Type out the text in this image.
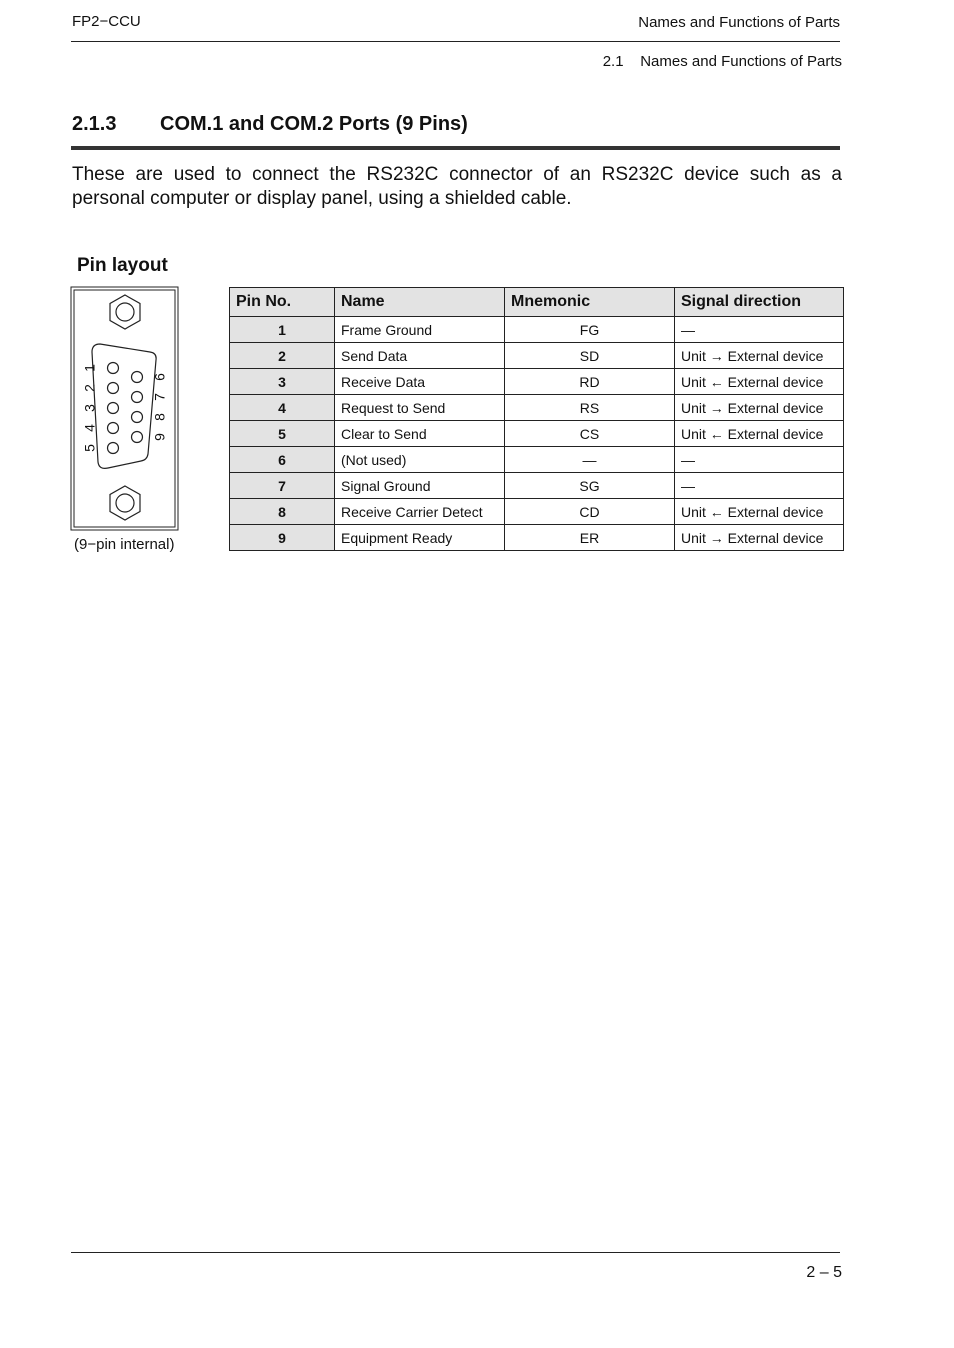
FP2−CCU	Names and Functions of Parts
2.1    Names and Functions of Parts
2.1.3 COM.1 and COM.2 Ports (9 Pins)
These are used to connect the RS232C connector of an RS232C device such as a personal computer or display panel, using a shielded cable.
Pin layout
1
2
3
4
5
6
7
8
9
(9−pin internal)
Pin No.	Name	Mnemonic	Signal direction
1	Frame Ground	FG	—
2	Send Data	SD	Unit → External device
3	Receive Data	RD	Unit ← External device
4	Request to Send	RS	Unit → External device
5	Clear to Send	CS	Unit ← External device
6	(Not used)	—	—
7	Signal Ground	SG	—
8	Receive Carrier Detect	CD	Unit ← External device
9	Equipment Ready	ER	Unit → External device
2 – 5
